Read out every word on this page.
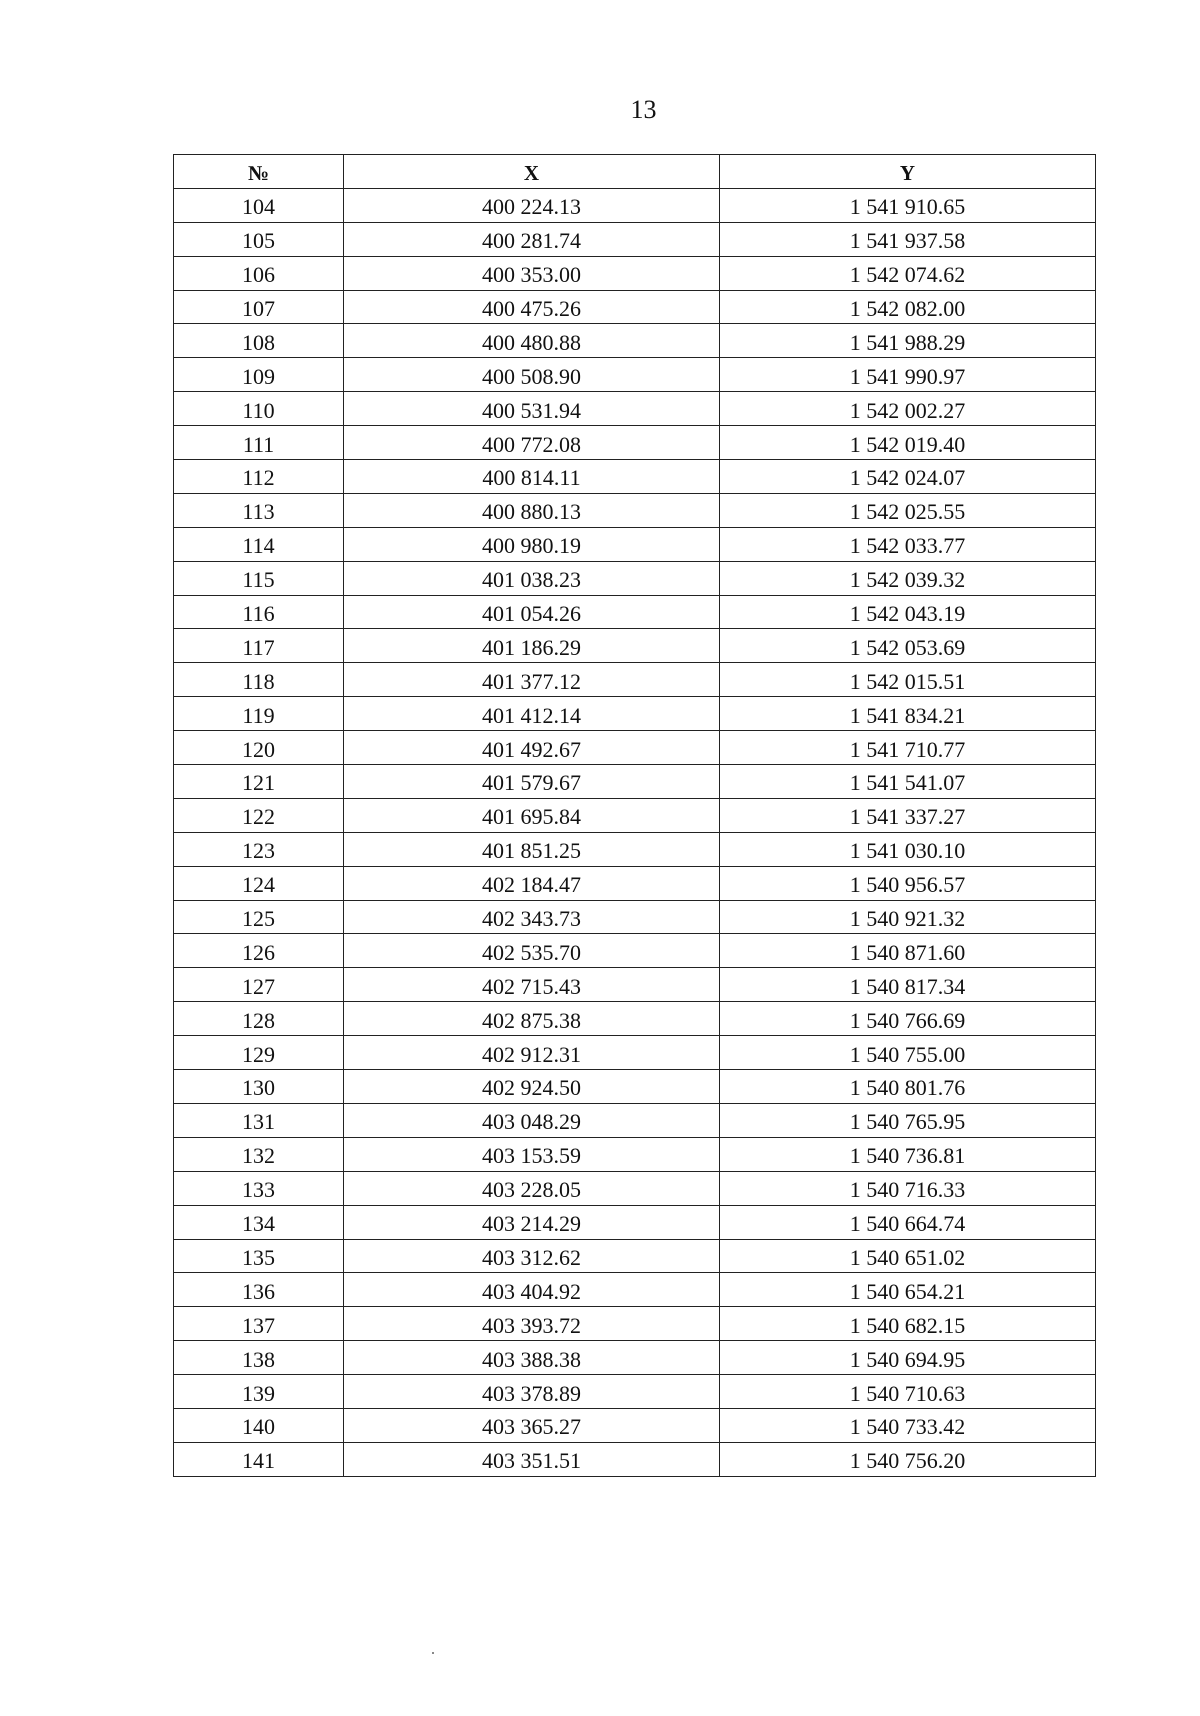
13
№	X	Y
104	400 224.13	1 541 910.65
105	400 281.74	1 541 937.58
106	400 353.00	1 542 074.62
107	400 475.26	1 542 082.00
108	400 480.88	1 541 988.29
109	400 508.90	1 541 990.97
110	400 531.94	1 542 002.27
111	400 772.08	1 542 019.40
112	400 814.11	1 542 024.07
113	400 880.13	1 542 025.55
114	400 980.19	1 542 033.77
115	401 038.23	1 542 039.32
116	401 054.26	1 542 043.19
117	401 186.29	1 542 053.69
118	401 377.12	1 542 015.51
119	401 412.14	1 541 834.21
120	401 492.67	1 541 710.77
121	401 579.67	1 541 541.07
122	401 695.84	1 541 337.27
123	401 851.25	1 541 030.10
124	402 184.47	1 540 956.57
125	402 343.73	1 540 921.32
126	402 535.70	1 540 871.60
127	402 715.43	1 540 817.34
128	402 875.38	1 540 766.69
129	402 912.31	1 540 755.00
130	402 924.50	1 540 801.76
131	403 048.29	1 540 765.95
132	403 153.59	1 540 736.81
133	403 228.05	1 540 716.33
134	403 214.29	1 540 664.74
135	403 312.62	1 540 651.02
136	403 404.92	1 540 654.21
137	403 393.72	1 540 682.15
138	403 388.38	1 540 694.95
139	403 378.89	1 540 710.63
140	403 365.27	1 540 733.42
141	403 351.51	1 540 756.20
